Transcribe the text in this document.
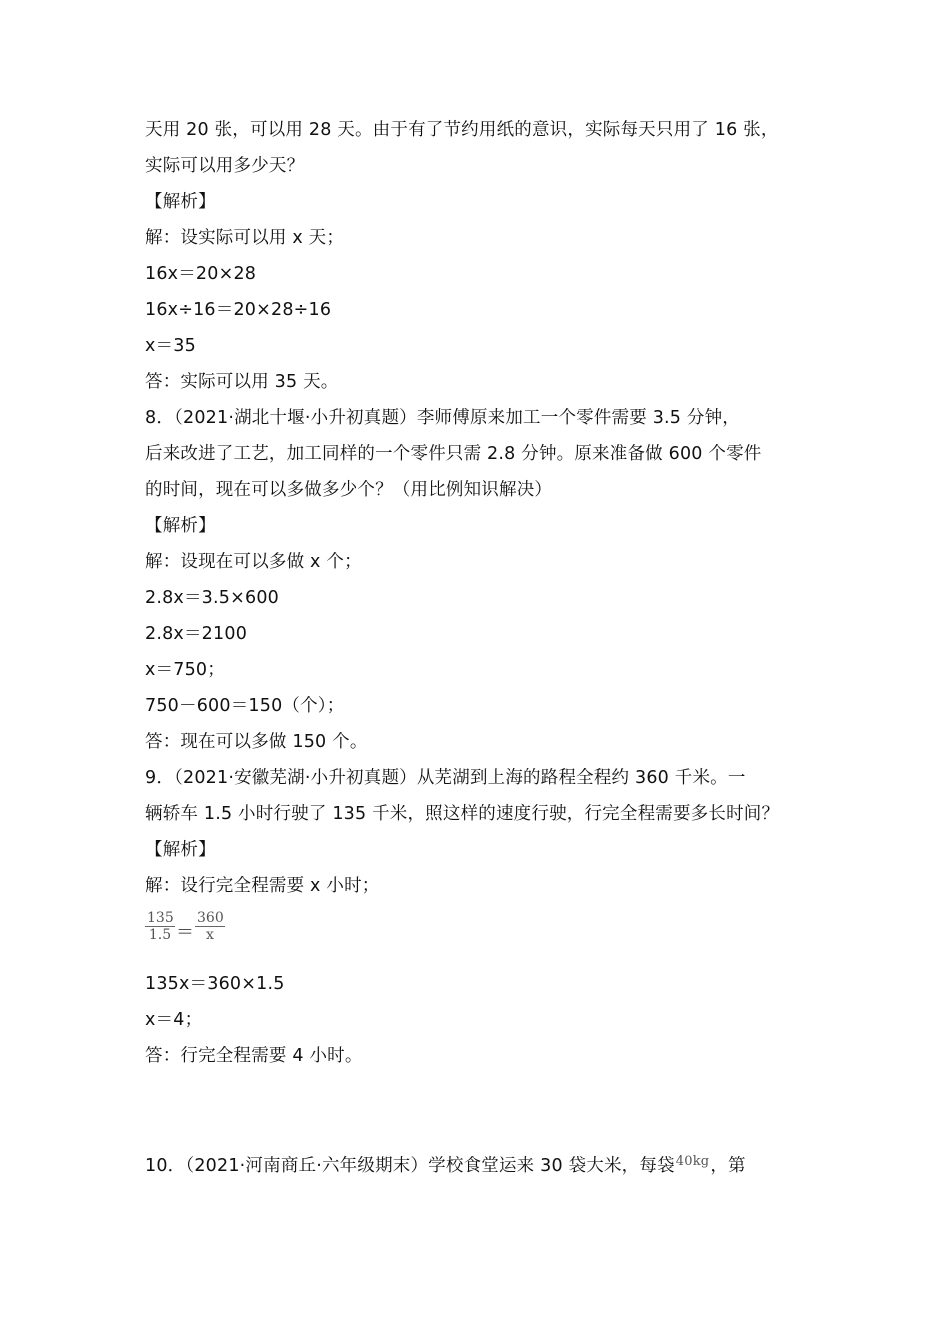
天用 20 张，可以用 28 天。由于有了节约用纸的意识，实际每天只用了 16 张，
实际可以用多少天？
【解析】
解：设实际可以用 x 天；
16x＝20×28
16x÷16＝20×28÷16
x＝35
答：实际可以用 35 天。
8．（2021·湖北十堰·小升初真题）李师傅原来加工一个零件需要 3.5 分钟，
后来改进了工艺，加工同样的一个零件只需 2.8 分钟。原来准备做 600 个零件
的时间，现在可以多做多少个？（用比例知识解决）
【解析】
解：设现在可以多做 x 个；
2.8x＝3.5×600
2.8x＝2100
x＝750；
750－600＝150（个）；
答：现在可以多做 150 个。
9．（2021·安徽芜湖·小升初真题）从芜湖到上海的路程全程约 360 千米。一
辆轿车 1.5 小时行驶了 135 千米，照这样的速度行驶，行完全程需要多长时间？
【解析】
解：设行完全程需要 x 小时；
135
1.5 ＝
360
x
135x＝360×1.5
x＝4；
答：行完全程需要 4 小时。
10．（2021·河南商丘·六年级期末）学校食堂运来 30 袋大米，每袋$^{40kg}$，第
